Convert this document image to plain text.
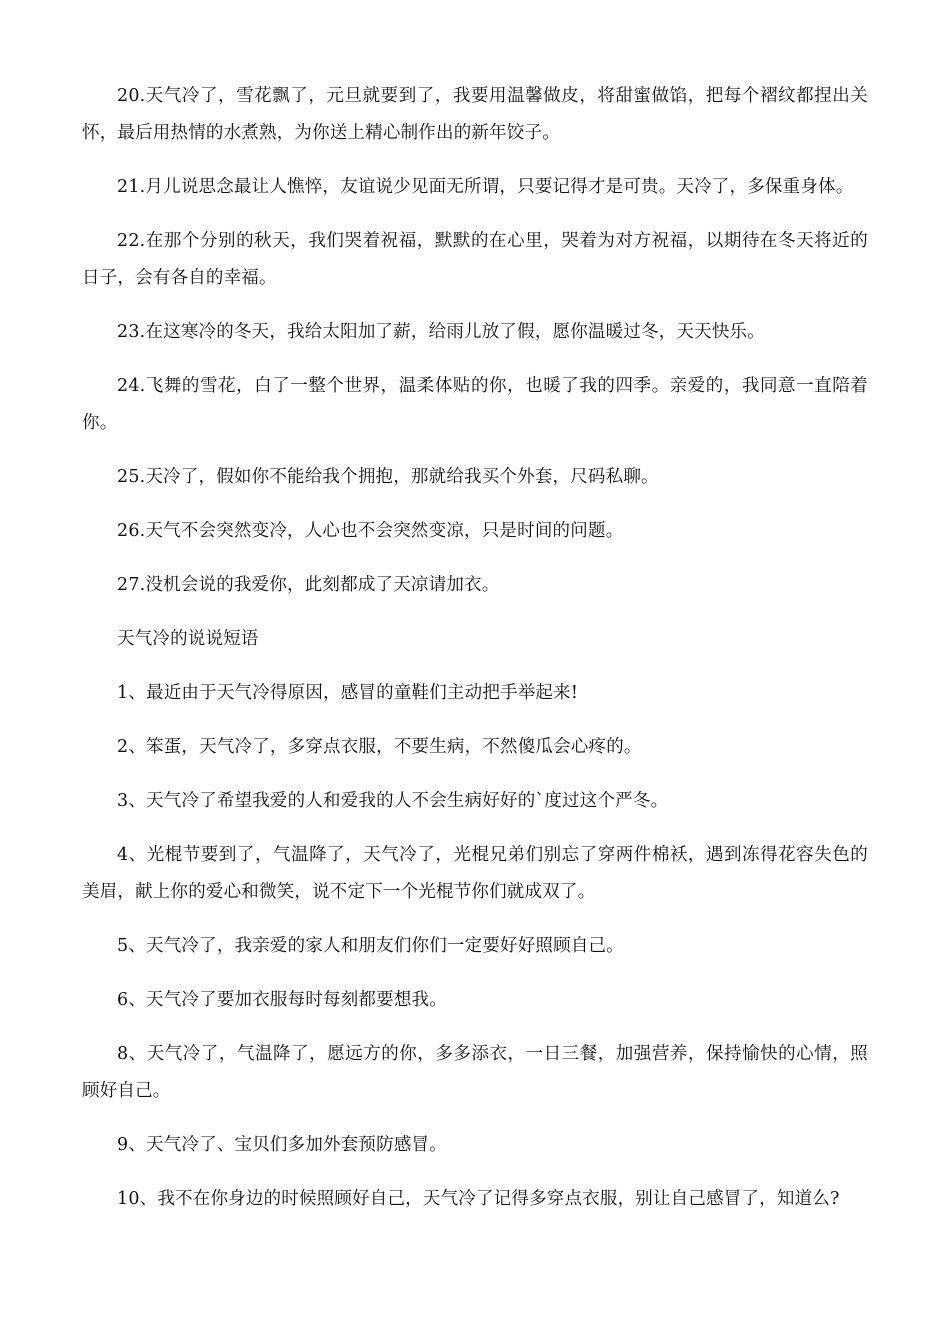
20.天气冷了，雪花飘了，元旦就要到了，我要用温馨做皮，将甜蜜做馅，把每个褶纹都捏出关怀，最后用热情的水煮熟，为你送上精心制作出的新年饺子。

21.月儿说思念最让人憔悴，友谊说少见面无所谓，只要记得才是可贵。天冷了，多保重身体。

22.在那个分别的秋天，我们哭着祝福，默默的在心里，哭着为对方祝福，以期待在冬天将近的日子，会有各自的幸福。

23.在这寒冷的冬天，我给太阳加了薪，给雨儿放了假，愿你温暖过冬，天天快乐。

24.飞舞的雪花，白了一整个世界，温柔体贴的你，也暖了我的四季。亲爱的，我同意一直陪着你。

25.天冷了，假如你不能给我个拥抱，那就给我买个外套，尺码私聊。

26.天气不会突然变冷，人心也不会突然变凉，只是时间的问题。

27.没机会说的我爱你，此刻都成了天凉请加衣。

天气冷的说说短语

1、最近由于天气冷得原因，感冒的童鞋们主动把手举起来!

2、笨蛋，天气冷了，多穿点衣服，不要生病，不然傻瓜会心疼的。

3、天气冷了希望我爱的人和爱我的人不会生病好好的`度过这个严冬。

4、光棍节要到了，气温降了，天气冷了，光棍兄弟们别忘了穿两件棉袄，遇到冻得花容失色的美眉，献上你的爱心和微笑，说不定下一个光棍节你们就成双了。

5、天气冷了，我亲爱的家人和朋友们你们一定要好好照顾自己。

6、天气冷了要加衣服每时每刻都要想我。

8、天气冷了，气温降了，愿远方的你，多多添衣，一日三餐，加强营养，保持愉快的心情，照顾好自己。

9、天气冷了、宝贝们多加外套预防感冒。

10、我不在你身边的时候照顾好自己，天气冷了记得多穿点衣服，别让自己感冒了，知道么?
